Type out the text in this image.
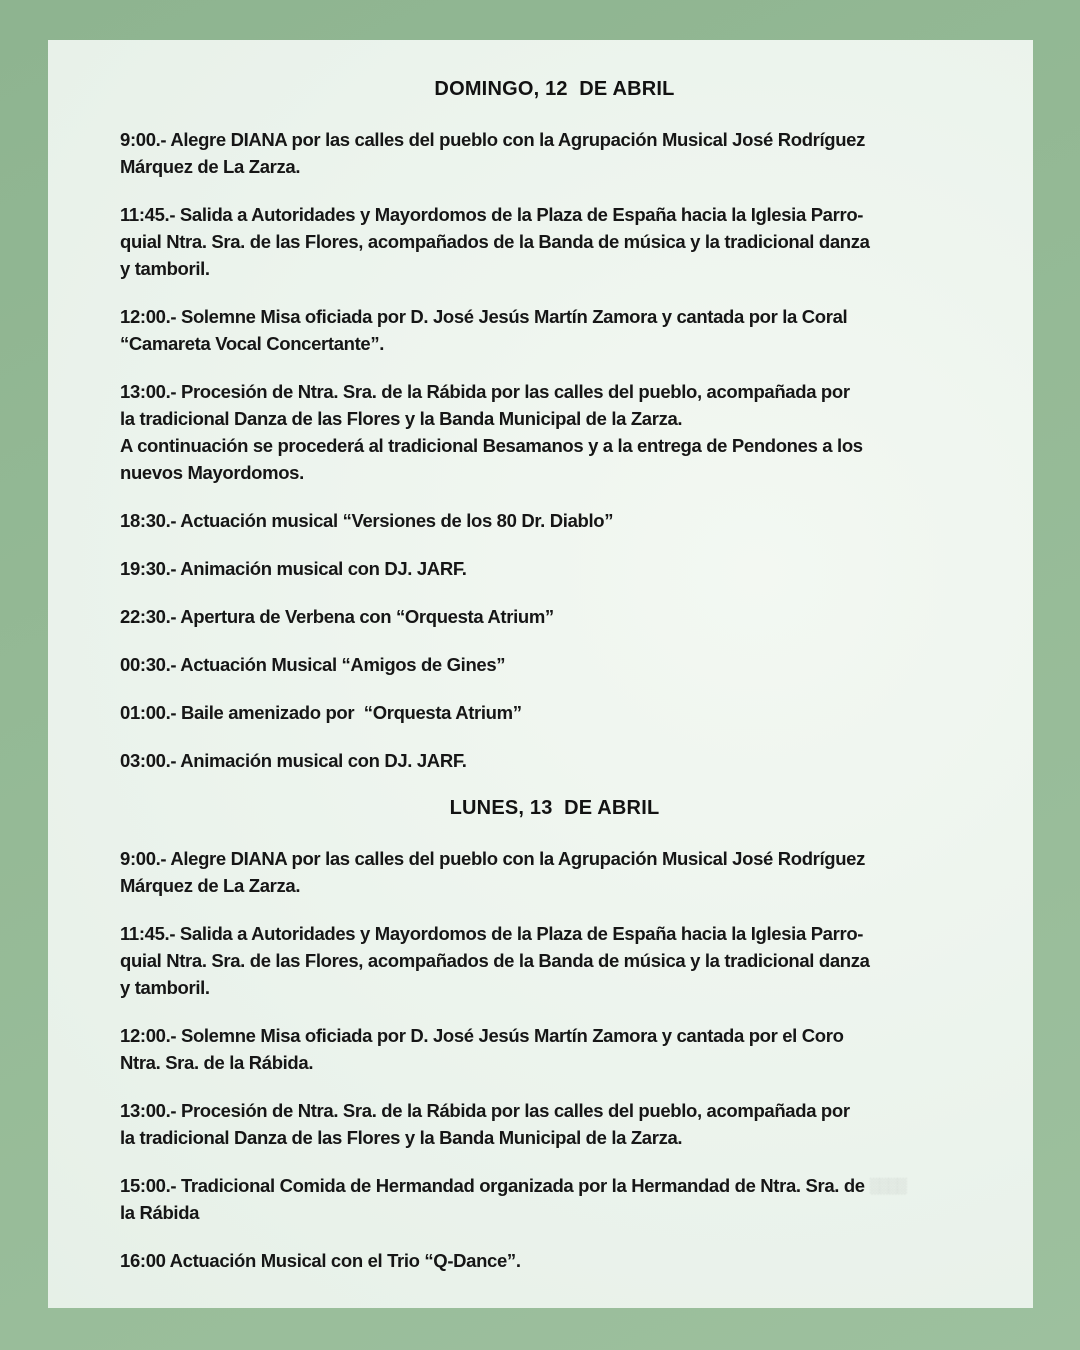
DOMINGO, 12  DE ABRIL
9:00.- Alegre DIANA por las calles del pueblo con la Agrupación Musical José Rodríguez
Márquez de La Zarza.
11:45.- Salida a Autoridades y Mayordomos de la Plaza de España hacia la Iglesia Parro-
quial Ntra. Sra. de las Flores, acompañados de la Banda de música y la tradicional danza
y tamboril.
12:00.- Solemne Misa oficiada por D. José Jesús Martín Zamora y cantada por la Coral
“Camareta Vocal Concertante”.
13:00.- Procesión de Ntra. Sra. de la Rábida por las calles del pueblo, acompañada por
la tradicional Danza de las Flores y la Banda Municipal de la Zarza.
A continuación se procederá al tradicional Besamanos y a la entrega de Pendones a los
nuevos Mayordomos.
18:30.- Actuación musical “Versiones de los 80 Dr. Diablo”
19:30.- Animación musical con DJ. JARF.
22:30.- Apertura de Verbena con “Orquesta Atrium”
00:30.- Actuación Musical “Amigos de Gines”
01:00.- Baile amenizado por  “Orquesta Atrium”
03:00.- Animación musical con DJ. JARF.
LUNES, 13  DE ABRIL
9:00.- Alegre DIANA por las calles del pueblo con la Agrupación Musical José Rodríguez
Márquez de La Zarza.
11:45.- Salida a Autoridades y Mayordomos de la Plaza de España hacia la Iglesia Parro-
quial Ntra. Sra. de las Flores, acompañados de la Banda de música y la tradicional danza
y tamboril.
12:00.- Solemne Misa oficiada por D. José Jesús Martín Zamora y cantada por el Coro
Ntra. Sra. de la Rábida.
13:00.- Procesión de Ntra. Sra. de la Rábida por las calles del pueblo, acompañada por
la tradicional Danza de las Flores y la Banda Municipal de la Zarza.
15:00.- Tradicional Comida de Hermandad organizada por la Hermandad de Ntra. Sra. de ░░░░
la Rábida
16:00 Actuación Musical con el Trio “Q-Dance”.
